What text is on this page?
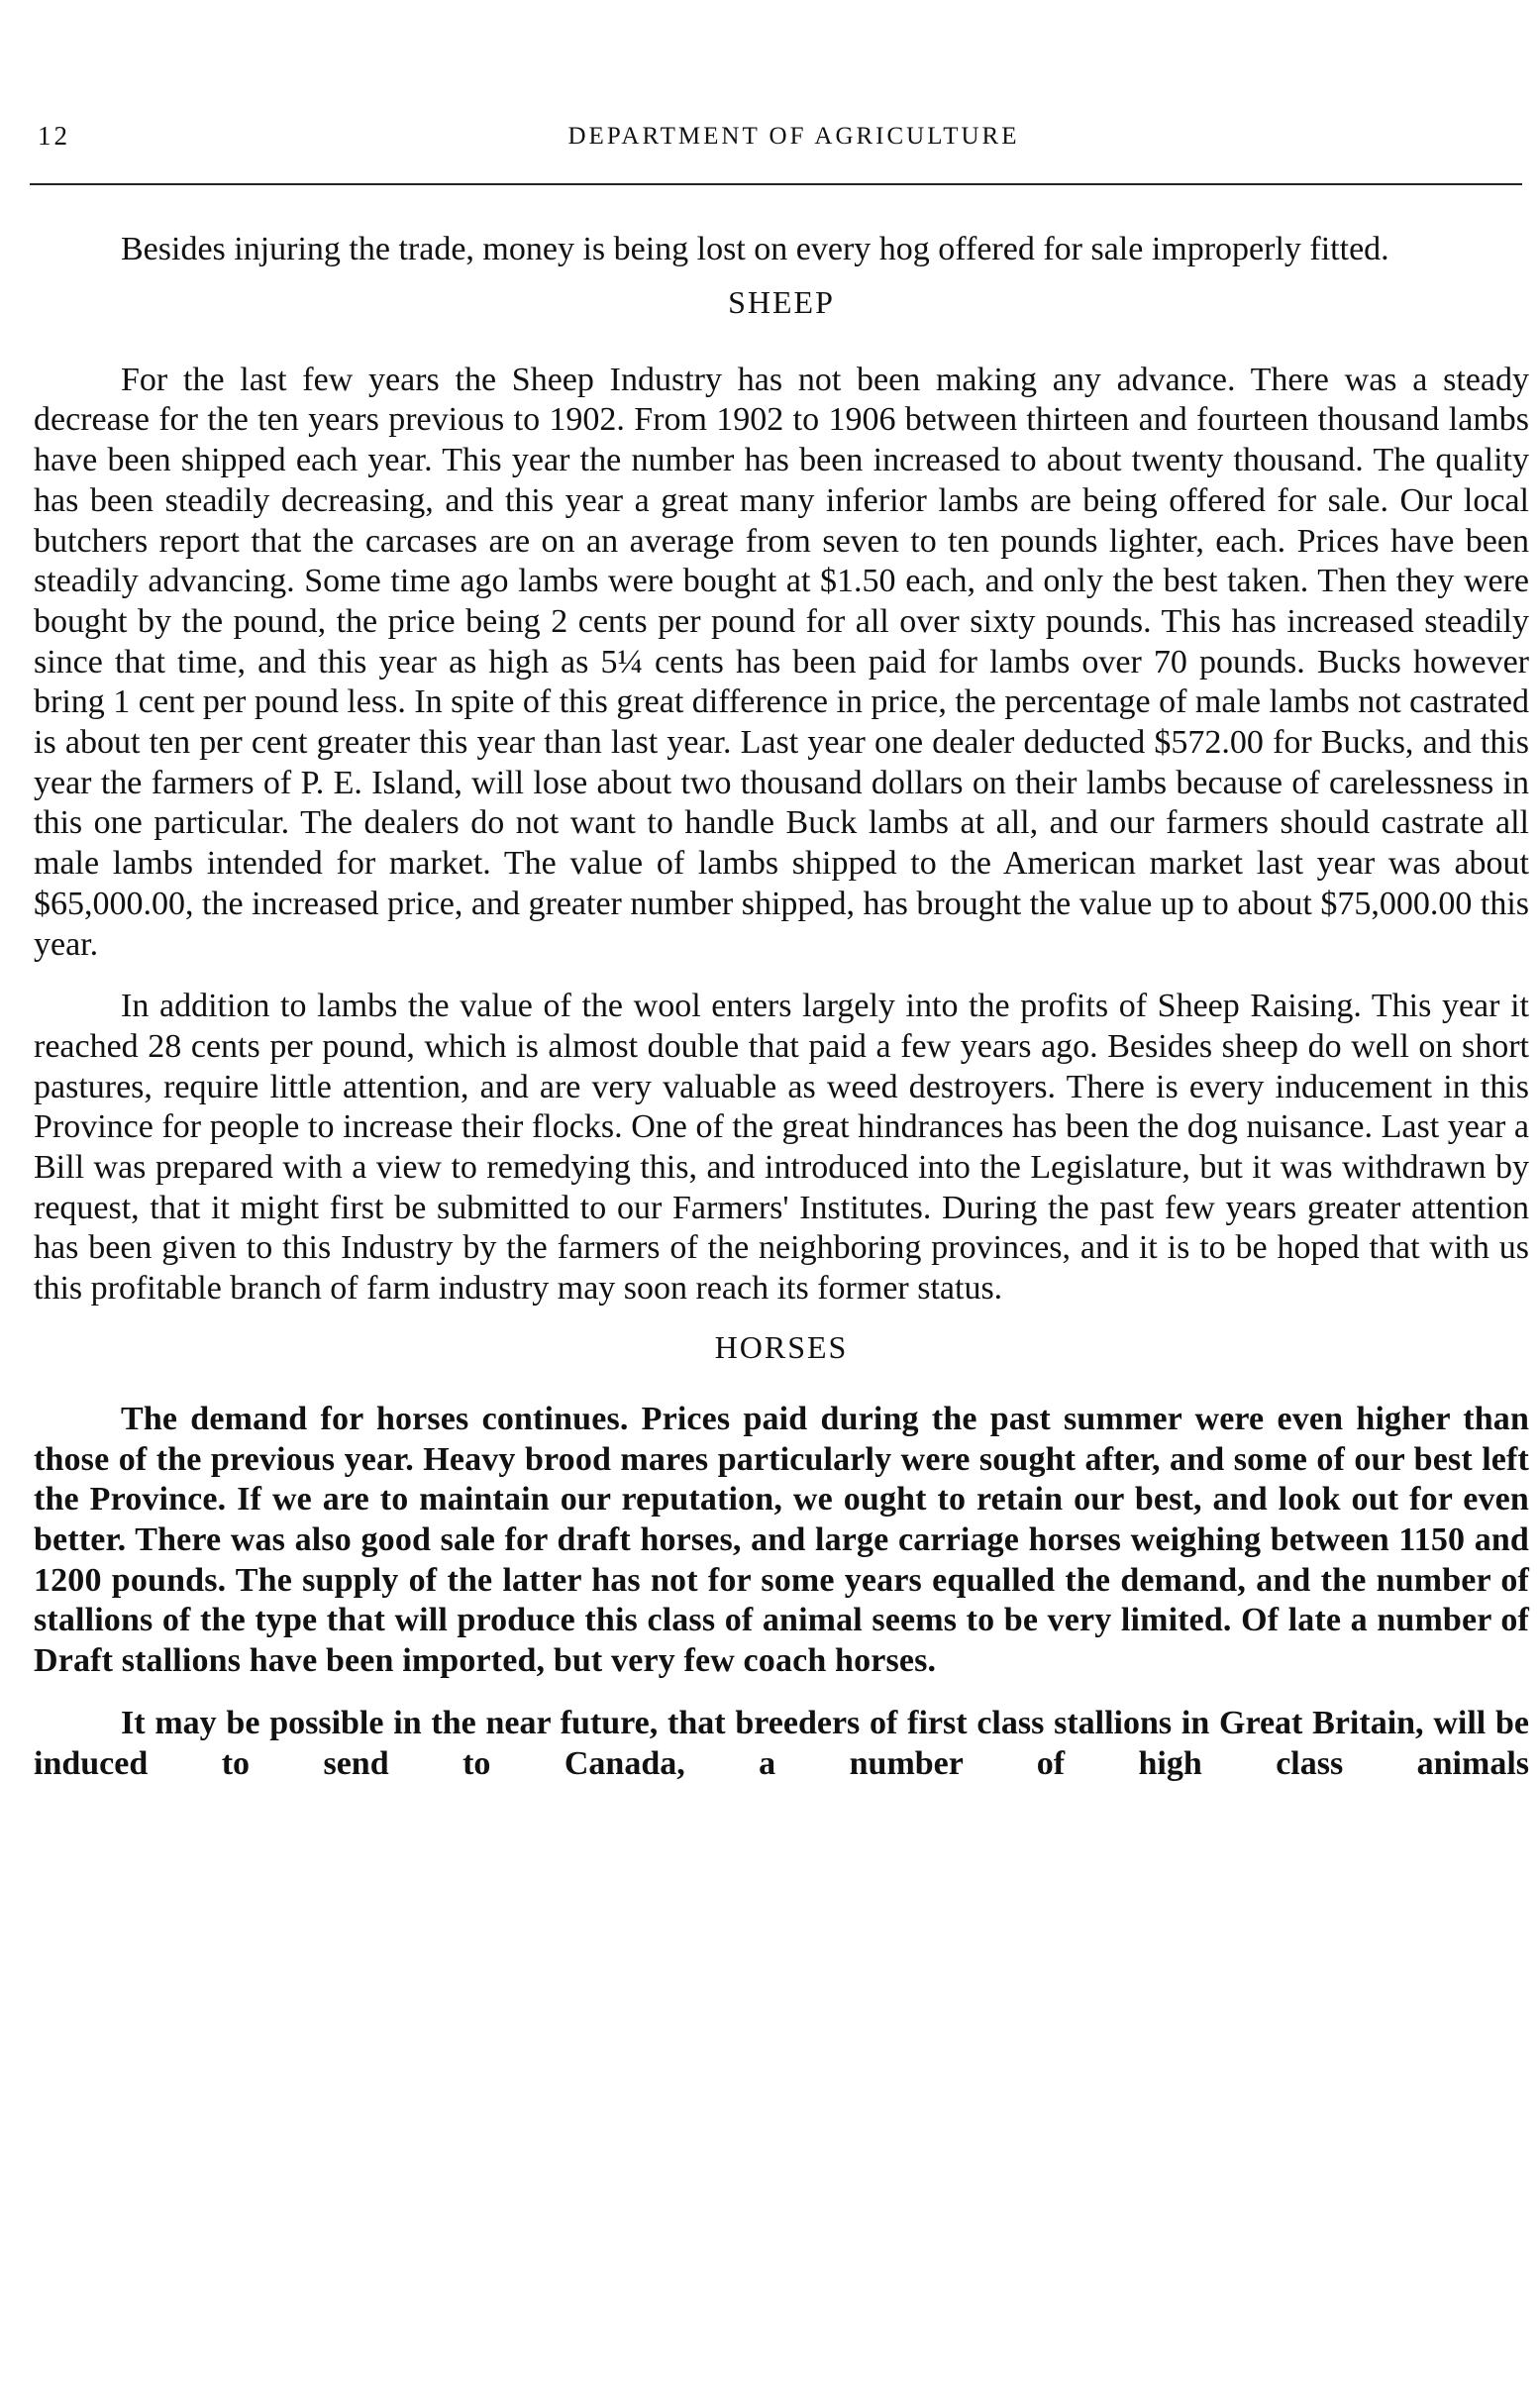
12	DEPARTMENT OF AGRICULTURE

Besides injuring the trade, money is being lost on every hog offered for sale improperly fitted.

SHEEP

For the last few years the Sheep Industry has not been making any advance. There was a steady decrease for the ten years previous to 1902. From 1902 to 1906 between thirteen and fourteen thousand lambs have been shipped each year. This year the number has been increased to about twenty thousand. The quality has been steadily decreasing, and this year a great many inferior lambs are being offered for sale. Our local butchers report that the carcases are on an average from seven to ten pounds lighter, each. Prices have been steadily advancing. Some time ago lambs were bought at $1.50 each, and only the best taken. Then they were bought by the pound, the price being 2 cents per pound for all over sixty pounds. This has increased steadily since that time, and this year as high as 5¼ cents has been paid for lambs over 70 pounds. Bucks however bring 1 cent per pound less. In spite of this great difference in price, the percentage of male lambs not castrated is about ten per cent greater this year than last year. Last year one dealer deducted $572.00 for Bucks, and this year the farmers of P. E. Island, will lose about two thousand dollars on their lambs because of carelessness in this one particular. The dealers do not want to handle Buck lambs at all, and our farmers should castrate all male lambs intended for market. The value of lambs shipped to the American market last year was about $65,000.00, the increased price, and greater number shipped, has brought the value up to about $75,000.00 this year.

In addition to lambs the value of the wool enters largely into the profits of Sheep Raising. This year it reached 28 cents per pound, which is almost double that paid a few years ago. Besides sheep do well on short pastures, require little attention, and are very valuable as weed destroyers. There is every inducement in this Province for people to increase their flocks. One of the great hindrances has been the dog nuisance. Last year a Bill was prepared with a view to remedying this, and introduced into the Legislature, but it was withdrawn by request, that it might first be submitted to our Farmers' Institutes. During the past few years greater attention has been given to this Industry by the farmers of the neighboring provinces, and it is to be hoped that with us this profitable branch of farm industry may soon reach its former status.

HORSES

The demand for horses continues. Prices paid during the past summer were even higher than those of the previous year. Heavy brood mares particularly were sought after, and some of our best left the Province. If we are to maintain our reputation, we ought to retain our best, and look out for even better. There was also good sale for draft horses, and large carriage horses weighing between 1150 and 1200 pounds. The supply of the latter has not for some years equalled the demand, and the number of stallions of the type that will produce this class of animal seems to be very limited. Of late a number of Draft stallions have been imported, but very few coach horses.

It may be possible in the near future, that breeders of first class stallions in Great Britain, will be induced to send to Canada, a number of high class animals
